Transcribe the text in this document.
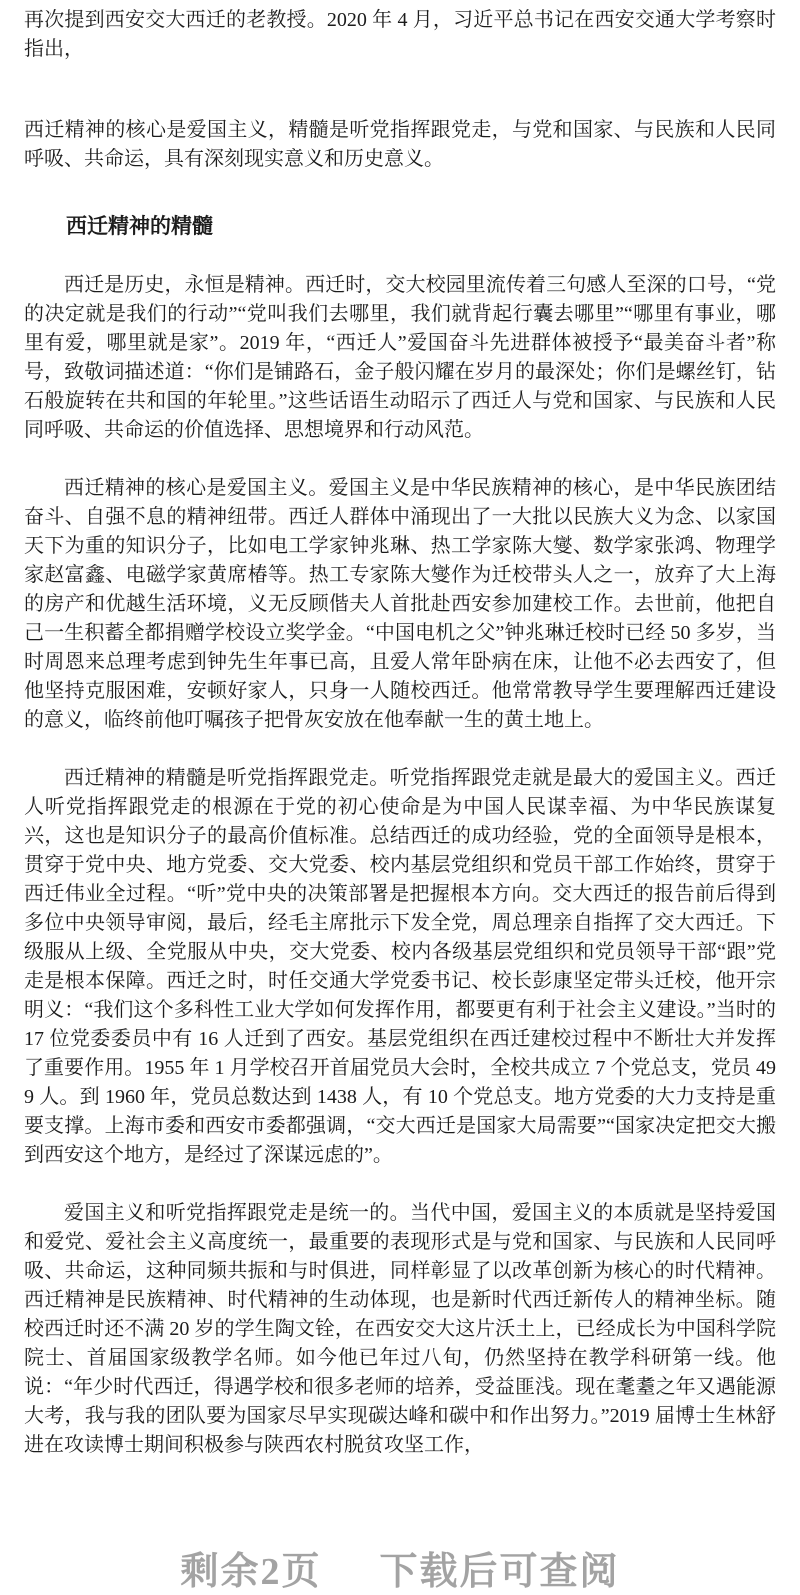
再次提到西安交大西迁的老教授。2020 年 4 月，习近平总书记在西安交通大学考察时指出，

西迁精神的核心是爱国主义，精髓是听党指挥跟党走，与党和国家、与民族和人民同呼吸、共命运，具有深刻现实意义和历史意义。

西迁精神的精髓

西迁是历史，永恒是精神。西迁时，交大校园里流传着三句感人至深的口号，“党的决定就是我们的行动”“党叫我们去哪里，我们就背起行囊去哪里”“哪里有事业，哪里有爱，哪里就是家”。2019 年，“西迁人”爱国奋斗先进群体被授予“最美奋斗者”称号，致敬词描述道：“你们是铺路石，金子般闪耀在岁月的最深处；你们是螺丝钉，钻石般旋转在共和国的年轮里。”这些话语生动昭示了西迁人与党和国家、与民族和人民同呼吸、共命运的价值选择、思想境界和行动风范。

西迁精神的核心是爱国主义。爱国主义是中华民族精神的核心，是中华民族团结奋斗、自强不息的精神纽带。西迁人群体中涌现出了一大批以民族大义为念、以家国天下为重的知识分子，比如电工学家钟兆琳、热工学家陈大燮、数学家张鸿、物理学家赵富鑫、电磁学家黄席椿等。热工专家陈大燮作为迁校带头人之一，放弃了大上海的房产和优越生活环境，义无反顾偕夫人首批赴西安参加建校工作。去世前，他把自己一生积蓄全都捐赠学校设立奖学金。“中国电机之父”钟兆琳迁校时已经 50 多岁，当时周恩来总理考虑到钟先生年事已高，且爱人常年卧病在床，让他不必去西安了，但他坚持克服困难，安顿好家人，只身一人随校西迁。他常常教导学生要理解西迁建设的意义，临终前他叮嘱孩子把骨灰安放在他奉献一生的黄土地上。

西迁精神的精髓是听党指挥跟党走。听党指挥跟党走就是最大的爱国主义。西迁人听党指挥跟党走的根源在于党的初心使命是为中国人民谋幸福、为中华民族谋复兴，这也是知识分子的最高价值标准。总结西迁的成功经验，党的全面领导是根本，贯穿于党中央、地方党委、交大党委、校内基层党组织和党员干部工作始终，贯穿于西迁伟业全过程。“听”党中央的决策部署是把握根本方向。交大西迁的报告前后得到多位中央领导审阅，最后，经毛主席批示下发全党，周总理亲自指挥了交大西迁。下级服从上级、全党服从中央，交大党委、校内各级基层党组织和党员领导干部“跟”党走是根本保障。西迁之时，时任交通大学党委书记、校长彭康坚定带头迁校，他开宗明义：“我们这个多科性工业大学如何发挥作用，都要更有利于社会主义建设。”当时的 17 位党委委员中有 16 人迁到了西安。基层党组织在西迁建校过程中不断壮大并发挥了重要作用。1955 年 1 月学校召开首届党员大会时，全校共成立 7 个党总支，党员 499 人。到 1960 年，党员总数达到 1438 人，有 10 个党总支。地方党委的大力支持是重要支撑。上海市委和西安市委都强调，“交大西迁是国家大局需要”“国家决定把交大搬到西安这个地方，是经过了深谋远虑的”。

爱国主义和听党指挥跟党走是统一的。当代中国，爱国主义的本质就是坚持爱国和爱党、爱社会主义高度统一，最重要的表现形式是与党和国家、与民族和人民同呼吸、共命运，这种同频共振和与时俱进，同样彰显了以改革创新为核心的时代精神。西迁精神是民族精神、时代精神的生动体现，也是新时代西迁新传人的精神坐标。随校西迁时还不满 20 岁的学生陶文铨，在西安交大这片沃土上，已经成长为中国科学院院士、首届国家级教学名师。如今他已年过八旬，仍然坚持在教学科研第一线。他说：“年少时代西迁，得遇学校和很多老师的培养，受益匪浅。现在耄耋之年又遇能源大考，我与我的团队要为国家尽早实现碳达峰和碳中和作出努力。”2019 届博士生林舒进在攻读博士期间积极参与陕西农村脱贫攻坚工作，

剩余2页 下载后可查阅
